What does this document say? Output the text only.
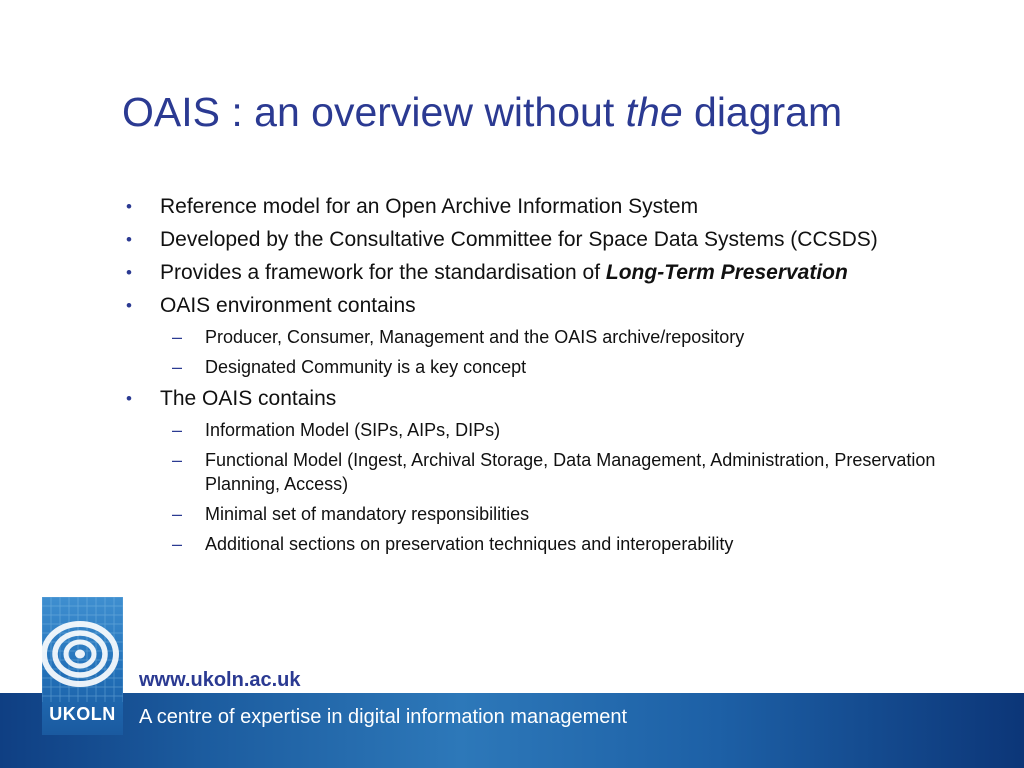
OAIS : an overview without the diagram
• Reference model for an Open Archive Information System
• Developed by the Consultative Committee for Space Data Systems (CCSDS)
• Provides a framework for the standardisation of Long-Term Preservation
• OAIS environment contains
– Producer, Consumer, Management and the OAIS archive/repository
– Designated Community is a key concept
• The OAIS contains
– Information Model (SIPs, AIPs, DIPs)
– Functional Model (Ingest, Archival Storage, Data Management, Administration, Preservation Planning, Access)
– Minimal set of mandatory responsibilities
– Additional sections on preservation techniques and interoperability
A centre of expertise in digital information management
www.ukoln.ac.uk
UKOLN
